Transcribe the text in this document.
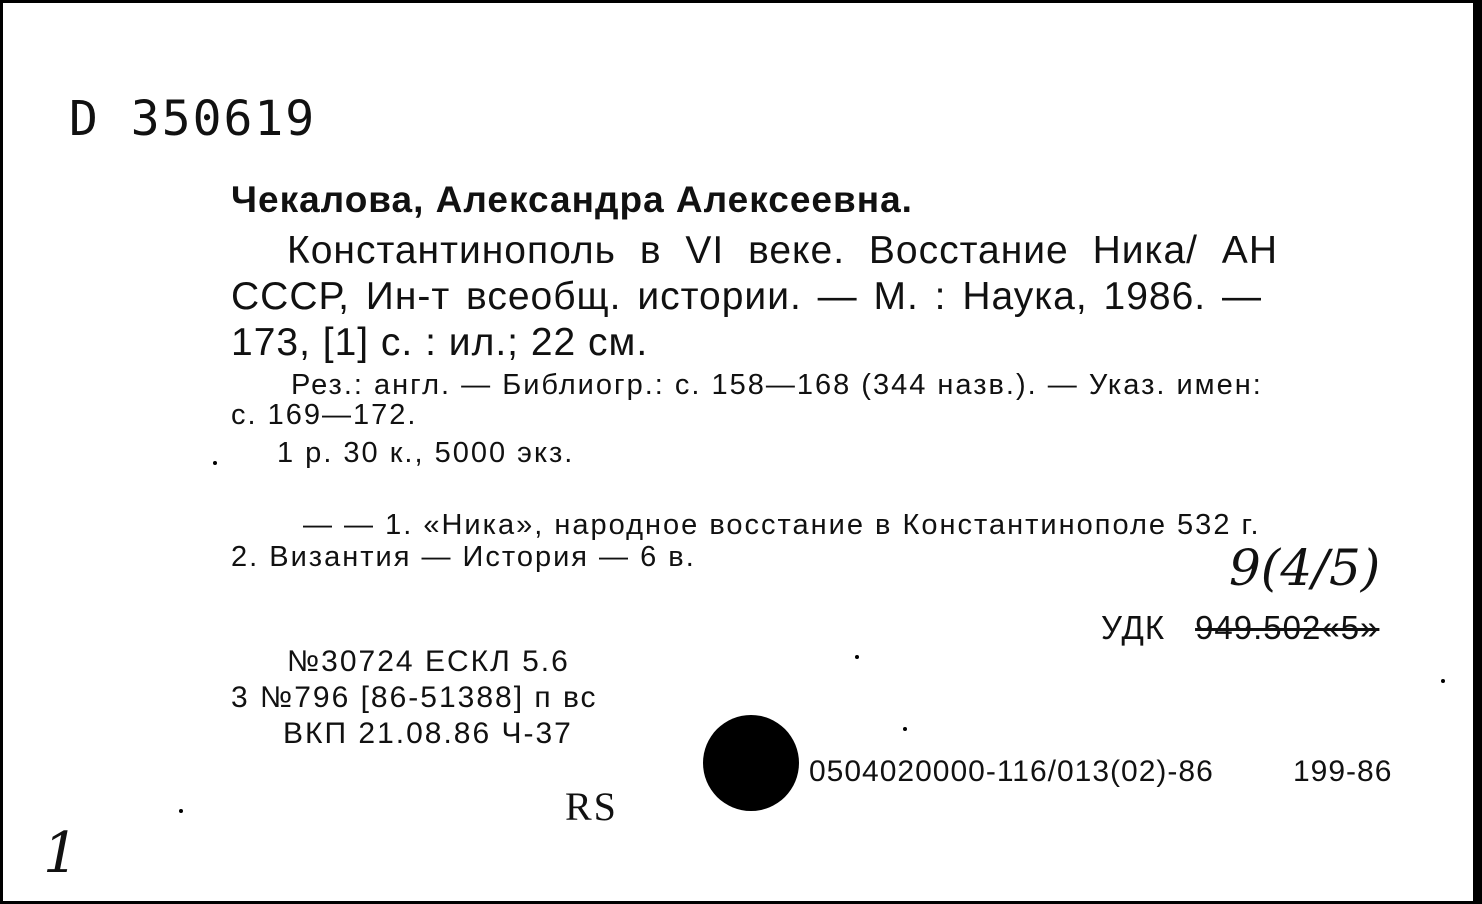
D 350619
Чекалова, Александра Алексеевна.
Константинополь в VI веке. Восстание Ника/ АН
СССР, Ин-т всеобщ. истории. — М. : Наука, 1986. —
173, [1] с. : ил.; 22 см.
Рез.: англ. — Библиогр.: с. 158—168 (344 назв.). — Указ. имен:
с. 169—172.
1 р. 30 к., 5000 экз.
— — 1. «Ника», народное восстание в Константинополе 532 г.
2. Византия — История — 6 в.	9(4/5)
УДК 949.502«5»
№30724 ЕСКЛ 5.6
3 №796 [86-51388] п вс
ВКП 21.08.86 Ч-37
0504020000-116/013(02)-86	199-86
RS
1
